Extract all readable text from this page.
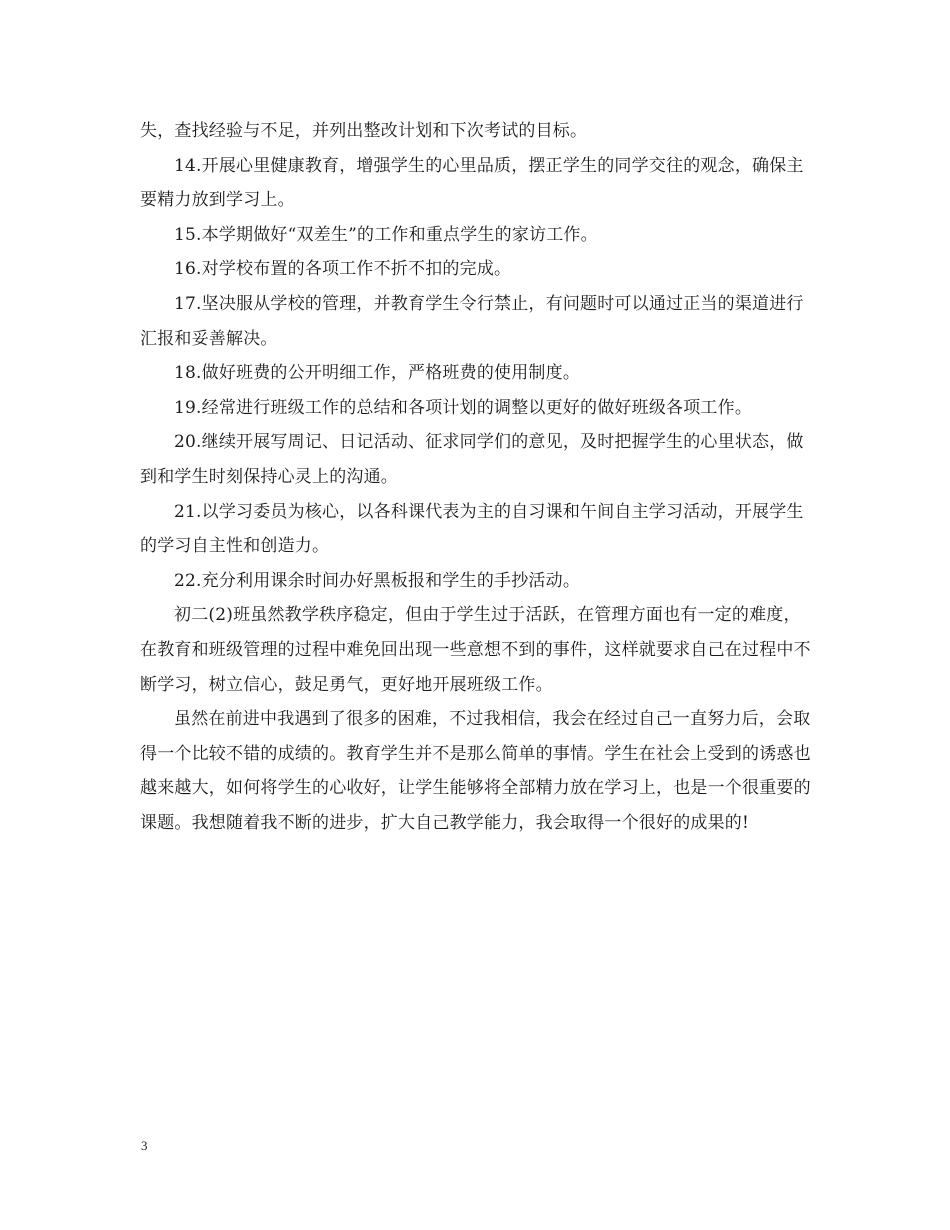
失，查找经验与不足，并列出整改计划和下次考试的目标。

14.开展心里健康教育，增强学生的心里品质，摆正学生的同学交往的观念，确保主要精力放到学习上。

15.本学期做好“双差生”的工作和重点学生的家访工作。

16.对学校布置的各项工作不折不扣的完成。

17.坚决服从学校的管理，并教育学生令行禁止，有问题时可以通过正当的渠道进行汇报和妥善解决。

18.做好班费的公开明细工作，严格班费的使用制度。

19.经常进行班级工作的总结和各项计划的调整以更好的做好班级各项工作。

20.继续开展写周记、日记活动、征求同学们的意见，及时把握学生的心里状态，做到和学生时刻保持心灵上的沟通。

21.以学习委员为核心，以各科课代表为主的自习课和午间自主学习活动，开展学生的学习自主性和创造力。

22.充分利用课余时间办好黑板报和学生的手抄活动。

初二(2)班虽然教学秩序稳定，但由于学生过于活跃，在管理方面也有一定的难度，在教育和班级管理的过程中难免回出现一些意想不到的事件，这样就要求自己在过程中不断学习，树立信心，鼓足勇气，更好地开展班级工作。

虽然在前进中我遇到了很多的困难，不过我相信，我会在经过自己一直努力后，会取得一个比较不错的成绩的。教育学生并不是那么简单的事情。学生在社会上受到的诱惑也越来越大，如何将学生的心收好，让学生能够将全部精力放在学习上，也是一个很重要的课题。我想随着我不断的进步，扩大自己教学能力，我会取得一个很好的成果的!

3
